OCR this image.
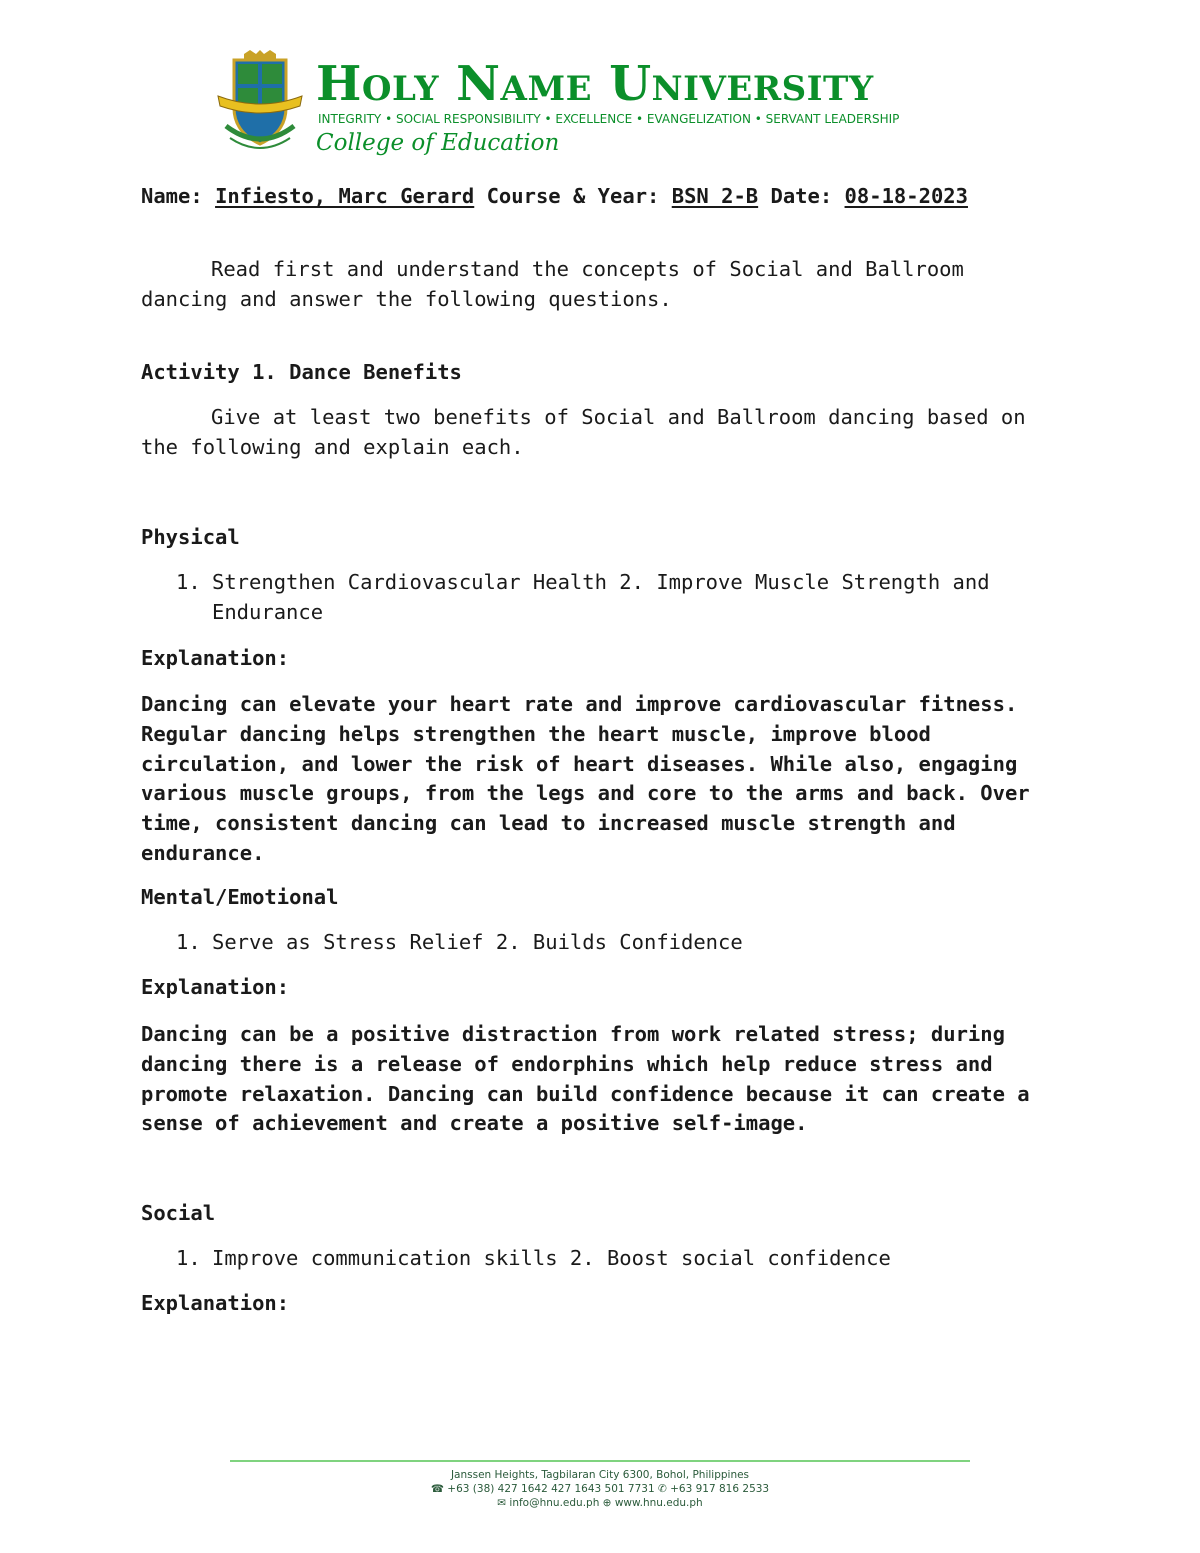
Holy Name University
INTEGRITY • SOCIAL RESPONSIBILITY • EXCELLENCE • EVANGELIZATION • SERVANT LEADERSHIP
College of Education
Name: Infiesto, Marc Gerard Course & Year: BSN 2-B Date: 08-18-2023
Read first and understand the concepts of Social and Ballroom dancing and answer the following questions.
Activity 1. Dance Benefits
Give at least two benefits of Social and Ballroom dancing based on the following and explain each.
Physical
1. Strengthen Cardiovascular Health 2. Improve Muscle Strength and Endurance
Explanation:
Dancing can elevate your heart rate and improve cardiovascular fitness. Regular dancing helps strengthen the heart muscle, improve blood circulation, and lower the risk of heart diseases. While also, engaging various muscle groups, from the legs and core to the arms and back. Over time, consistent dancing can lead to increased muscle strength and endurance.
Mental/Emotional
1. Serve as Stress Relief 2. Builds Confidence
Explanation:
Dancing can be a positive distraction from work related stress; during dancing there is a release of endorphins which help reduce stress and promote relaxation. Dancing can build confidence because it can create a sense of achievement and create a positive self-image.
Social
1. Improve communication skills 2. Boost social confidence
Explanation:
Janssen Heights, Tagbilaran City 6300, Bohol, Philippines
☎ +63 (38) 427 1642 427 1643 501 7731 ✆ +63 917 816 2533
✉ info@hnu.edu.ph ⊕ www.hnu.edu.ph
